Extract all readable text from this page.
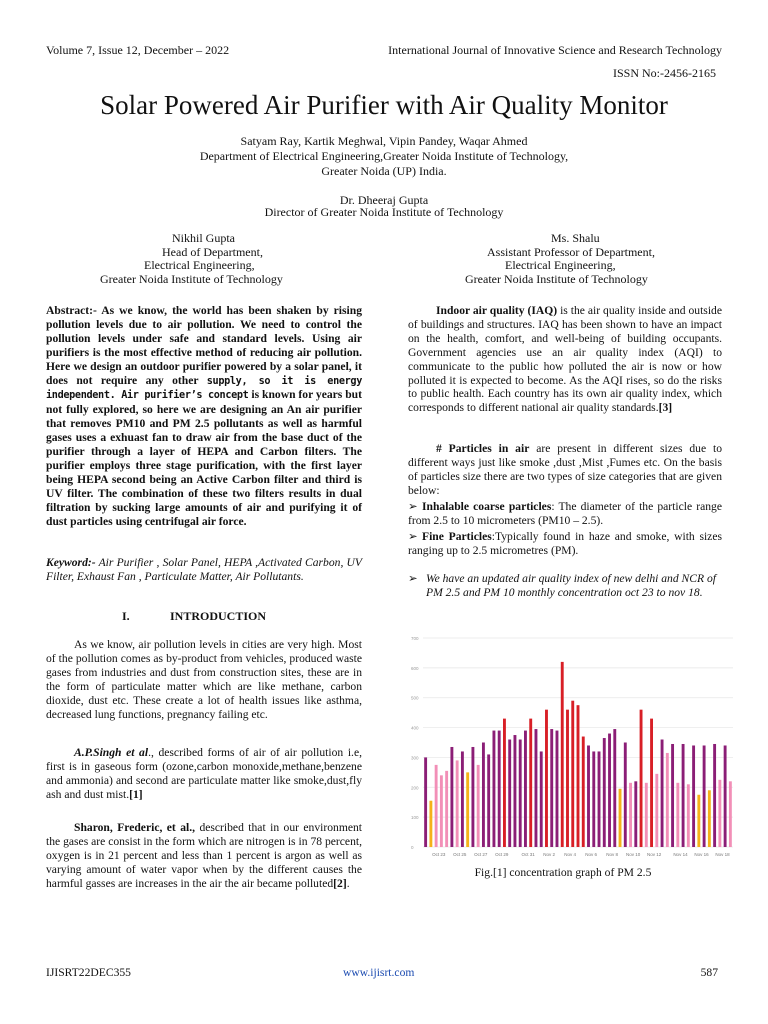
Volume 7, Issue 12, December – 2022	International Journal of Innovative Science and Research Technology
ISSN No:-2456-2165
Solar Powered Air Purifier with Air Quality Monitor
Satyam Ray, Kartik Meghwal, Vipin Pandey, Waqar Ahmed
Department of Electrical Engineering,Greater Noida Institute of Technology,
Greater Noida (UP) India.
Dr. Dheeraj Gupta
Director of Greater Noida Institute of Technology
Nikhil Gupta
Head of Department,
Electrical Engineering,
Greater Noida Institute of Technology
Ms. Shalu
Assistant Professor of Department,
Electrical Engineering,
Greater Noida Institute of Technology

Abstract:- As we know, the world has been shaken by rising pollution levels due to air pollution. We need to control the pollution levels under safe and standard levels. Using air purifiers is the most effective method of reducing air pollution. Here we design an outdoor purifier powered by a solar panel, it does not require any other supply, so it is energy independent. Air purifier’s concept is known for years but not fully explored, so here we are designing an An air purifier that removes PM10 and PM 2.5 pollutants as well as harmful gases uses a exhuast fan to draw air from the base duct of the purifier through a layer of HEPA and Carbon filters. The purifier employs three stage purification, with the first layer being HEPA second being an Active Carbon filter and third is UV filter. The combination of these two filters results in dual filtration by sucking large amounts of air and purifying it of dust particles using centrifugal air force.

Keyword:- Air Purifier , Solar Panel, HEPA ,Activated Carbon, UV Filter, Exhaust Fan , Particulate Matter, Air Pollutants.

I.	INTRODUCTION

As we know, air pollution levels in cities are very high. Most of the pollution comes as by-product from vehicles, produced waste gases from industries and dust from construction sites, these are in the form of particulate matter which are like methane, carbon dioxide, dust etc. These create a lot of health issues like asthma, decreased lung functions, pregnancy failing etc.

A.P.Singh et al., described forms of air of air pollution i.e, first is in gaseous form (ozone,carbon monoxide,methane,benzene and ammonia) and second are particulate matter like smoke,dust,fly ash and dust mist.[1]

Sharon, Frederic, et al., described that in our environment the gases are consist in the form which are nitrogen is in 78 percent, oxygen is in 21 percent and less than 1 percent is argon as well as varying amount of water vapor when by the different causes the harmful gasses are increases in the air the air became polluted[2].

Indoor air quality (IAQ) is the air quality inside and outside of buildings and structures. IAQ has been shown to have an impact on the health, comfort, and well-being of building occupants. Government agencies use an air quality index (AQI) to communicate to the public how polluted the air is now or how polluted it is expected to become. As the AQI rises, so do the risks to public health. Each country has its own air quality index, which corresponds to different national air quality standards.[3]

# Particles in air are present in different sizes due to different ways just like smoke ,dust ,Mist ,Fumes etc. On the basis of particles size there are two types of size categories that are given below:

➢ Inhalable coarse particles: The diameter of the particle range from 2.5 to 10 micrometers (PM10 – 2.5).

➢ Fine Particles:Typically found in haze and smoke, with sizes ranging up to 2.5 micrometres (PM).

➢ We have an updated air quality index of new delhi and NCR of PM 2.5 and PM 10 monthly concentration oct 23 to nov 18.

0
100
200
300
400
500
600
700
Oct 23 Oct 25 Oct 27 Oct 29	Oct 31 Nov 2 Nov 4 Nov 6 Nov 8 Nov 10 Nov 12	Nov 14 Nov 16 Nov 18
Fig.[1] concentration graph of PM 2.5
IJISRT22DEC355	www.ijisrt.com	587
